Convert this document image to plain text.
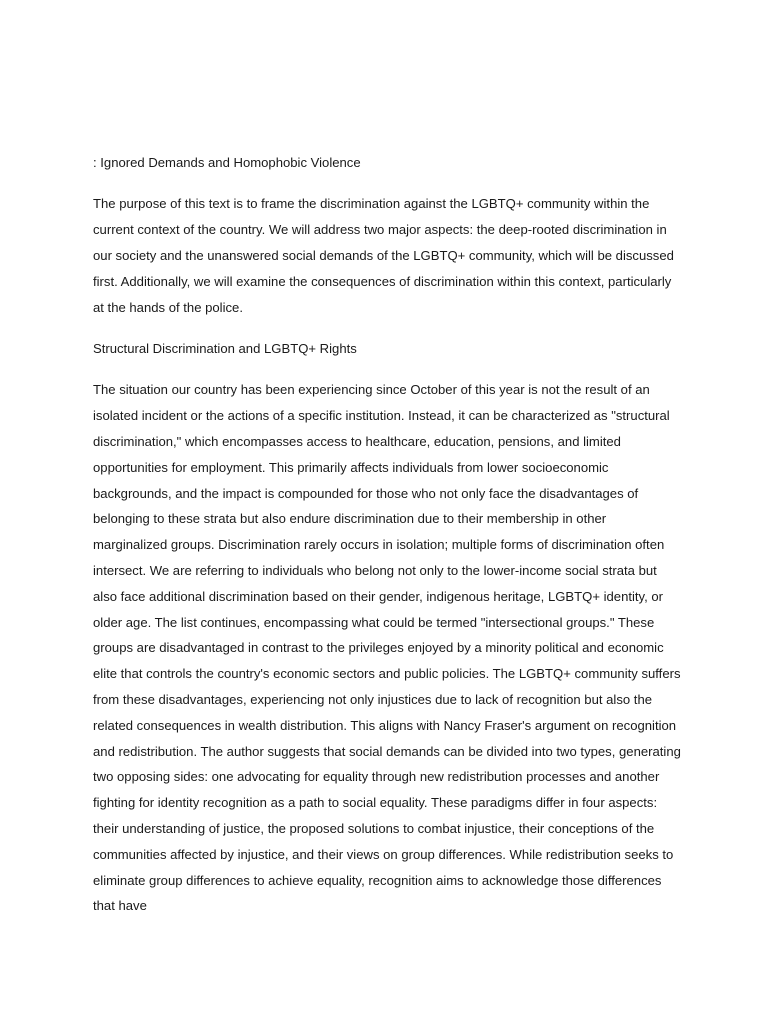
: Ignored Demands and Homophobic Violence

The purpose of this text is to frame the discrimination against the LGBTQ+ community within the current context of the country. We will address two major aspects: the deep-rooted discrimination in our society and the unanswered social demands of the LGBTQ+ community, which will be discussed first. Additionally, we will examine the consequences of discrimination within this context, particularly at the hands of the police.

Structural Discrimination and LGBTQ+ Rights

The situation our country has been experiencing since October of this year is not the result of an isolated incident or the actions of a specific institution. Instead, it can be characterized as "structural discrimination," which encompasses access to healthcare, education, pensions, and limited opportunities for employment. This primarily affects individuals from lower socioeconomic backgrounds, and the impact is compounded for those who not only face the disadvantages of belonging to these strata but also endure discrimination due to their membership in other marginalized groups. Discrimination rarely occurs in isolation; multiple forms of discrimination often intersect. We are referring to individuals who belong not only to the lower-income social strata but also face additional discrimination based on their gender, indigenous heritage, LGBTQ+ identity, or older age. The list continues, encompassing what could be termed "intersectional groups." These groups are disadvantaged in contrast to the privileges enjoyed by a minority political and economic elite that controls the country's economic sectors and public policies. The LGBTQ+ community suffers from these disadvantages, experiencing not only injustices due to lack of recognition but also the related consequences in wealth distribution. This aligns with Nancy Fraser's argument on recognition and redistribution. The author suggests that social demands can be divided into two types, generating two opposing sides: one advocating for equality through new redistribution processes and another fighting for identity recognition as a path to social equality. These paradigms differ in four aspects: their understanding of justice, the proposed solutions to combat injustice, their conceptions of the communities affected by injustice, and their views on group differences. While redistribution seeks to eliminate group differences to achieve equality, recognition aims to acknowledge those differences that have
